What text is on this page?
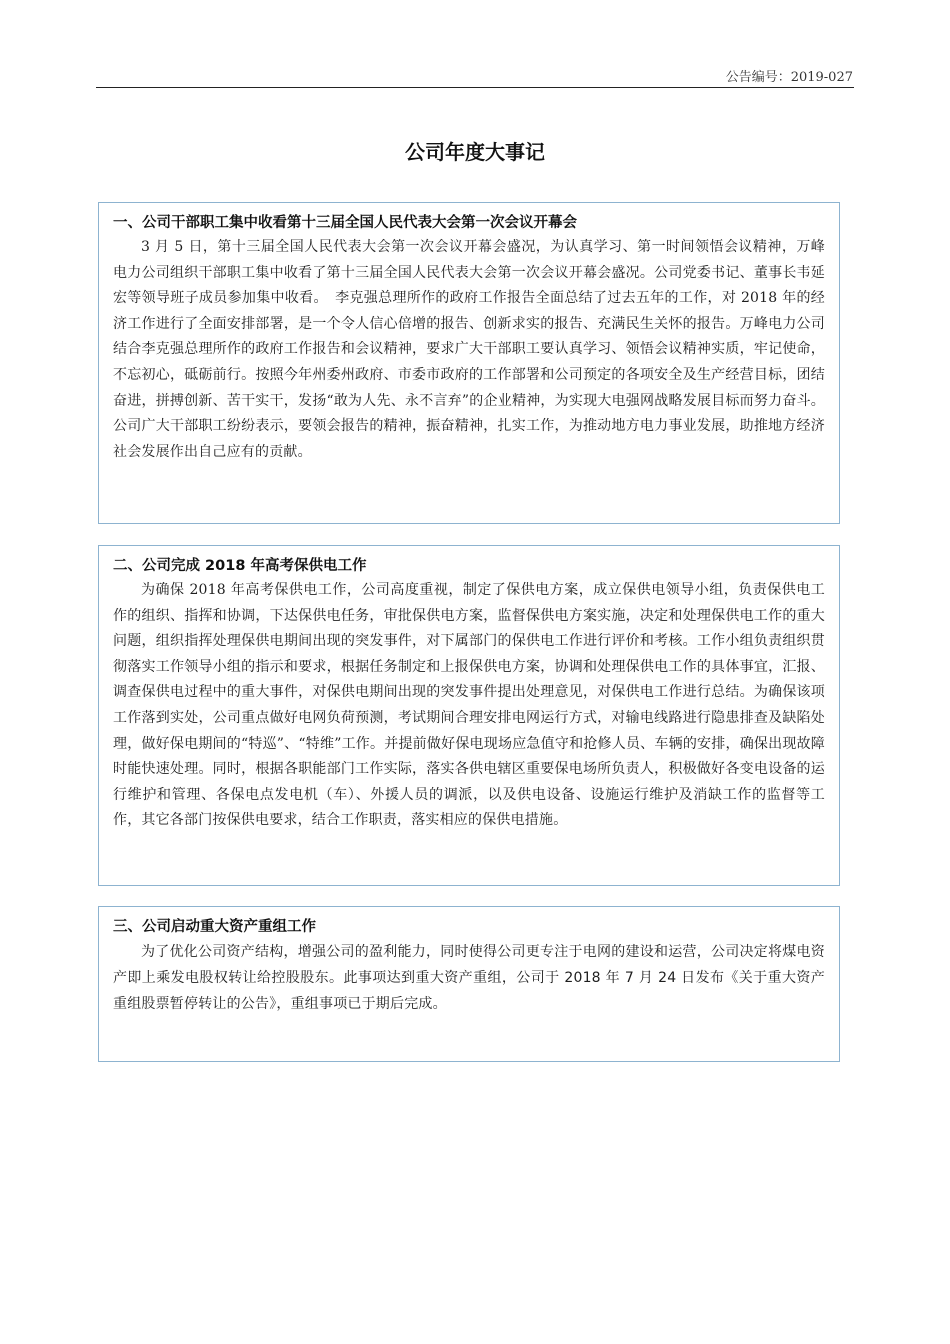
公告编号：2019-027
公司年度大事记
一、公司干部职工集中收看第十三届全国人民代表大会第一次会议开幕会

3 月 5 日，第十三届全国人民代表大会第一次会议开幕会盛况，为认真学习、第一时间领悟会议精神，万峰电力公司组织干部职工集中收看了第十三届全国人民代表大会第一次会议开幕会盛况。公司党委书记、董事长韦延宏等领导班子成员参加集中收看。　李克强总理所作的政府工作报告全面总结了过去五年的工作，对 2018 年的经济工作进行了全面安排部署，是一个令人信心倍增的报告、创新求实的报告、充满民生关怀的报告。万峰电力公司结合李克强总理所作的政府工作报告和会议精神，要求广大干部职工要认真学习、领悟会议精神实质，牢记使命，不忘初心，砥砺前行。按照今年州委州政府、市委市政府的工作部署和公司预定的各项安全及生产经营目标，团结奋进，拼搏创新、苦干实干，发扬“敢为人先、永不言弃”的企业精神，为实现大电强网战略发展目标而努力奋斗。公司广大干部职工纷纷表示，要领会报告的精神，振奋精神，扎实工作，为推动地方电力事业发展，助推地方经济社会发展作出自己应有的贡献。

二、公司完成 2018 年高考保供电工作

为确保 2018 年高考保供电工作，公司高度重视，制定了保供电方案，成立保供电领导小组，负责保供电工作的组织、指挥和协调，下达保供电任务，审批保供电方案，监督保供电方案实施，决定和处理保供电工作的重大问题，组织指挥处理保供电期间出现的突发事件，对下属部门的保供电工作进行评价和考核。工作小组负责组织贯彻落实工作领导小组的指示和要求，根据任务制定和上报保供电方案，协调和处理保供电工作的具体事宜，汇报、调查保供电过程中的重大事件，对保供电期间出现的突发事件提出处理意见，对保供电工作进行总结。为确保该项工作落到实处，公司重点做好电网负荷预测，考试期间合理安排电网运行方式，对输电线路进行隐患排查及缺陷处理，做好保电期间的“特巡”、“特维”工作。并提前做好保电现场应急值守和抢修人员、车辆的安排，确保出现故障时能快速处理。同时，根据各职能部门工作实际，落实各供电辖区重要保电场所负责人，积极做好各变电设备的运行维护和管理、各保电点发电机（车）、外援人员的调派，以及供电设备、设施运行维护及消缺工作的监督等工作，其它各部门按保供电要求，结合工作职责，落实相应的保供电措施。

三、公司启动重大资产重组工作

为了优化公司资产结构，增强公司的盈利能力，同时使得公司更专注于电网的建设和运营，公司决定将煤电资产即上乘发电股权转让给控股股东。此事项达到重大资产重组，公司于 2018 年 7 月 24 日发布《关于重大资产重组股票暂停转让的公告》，重组事项已于期后完成。
